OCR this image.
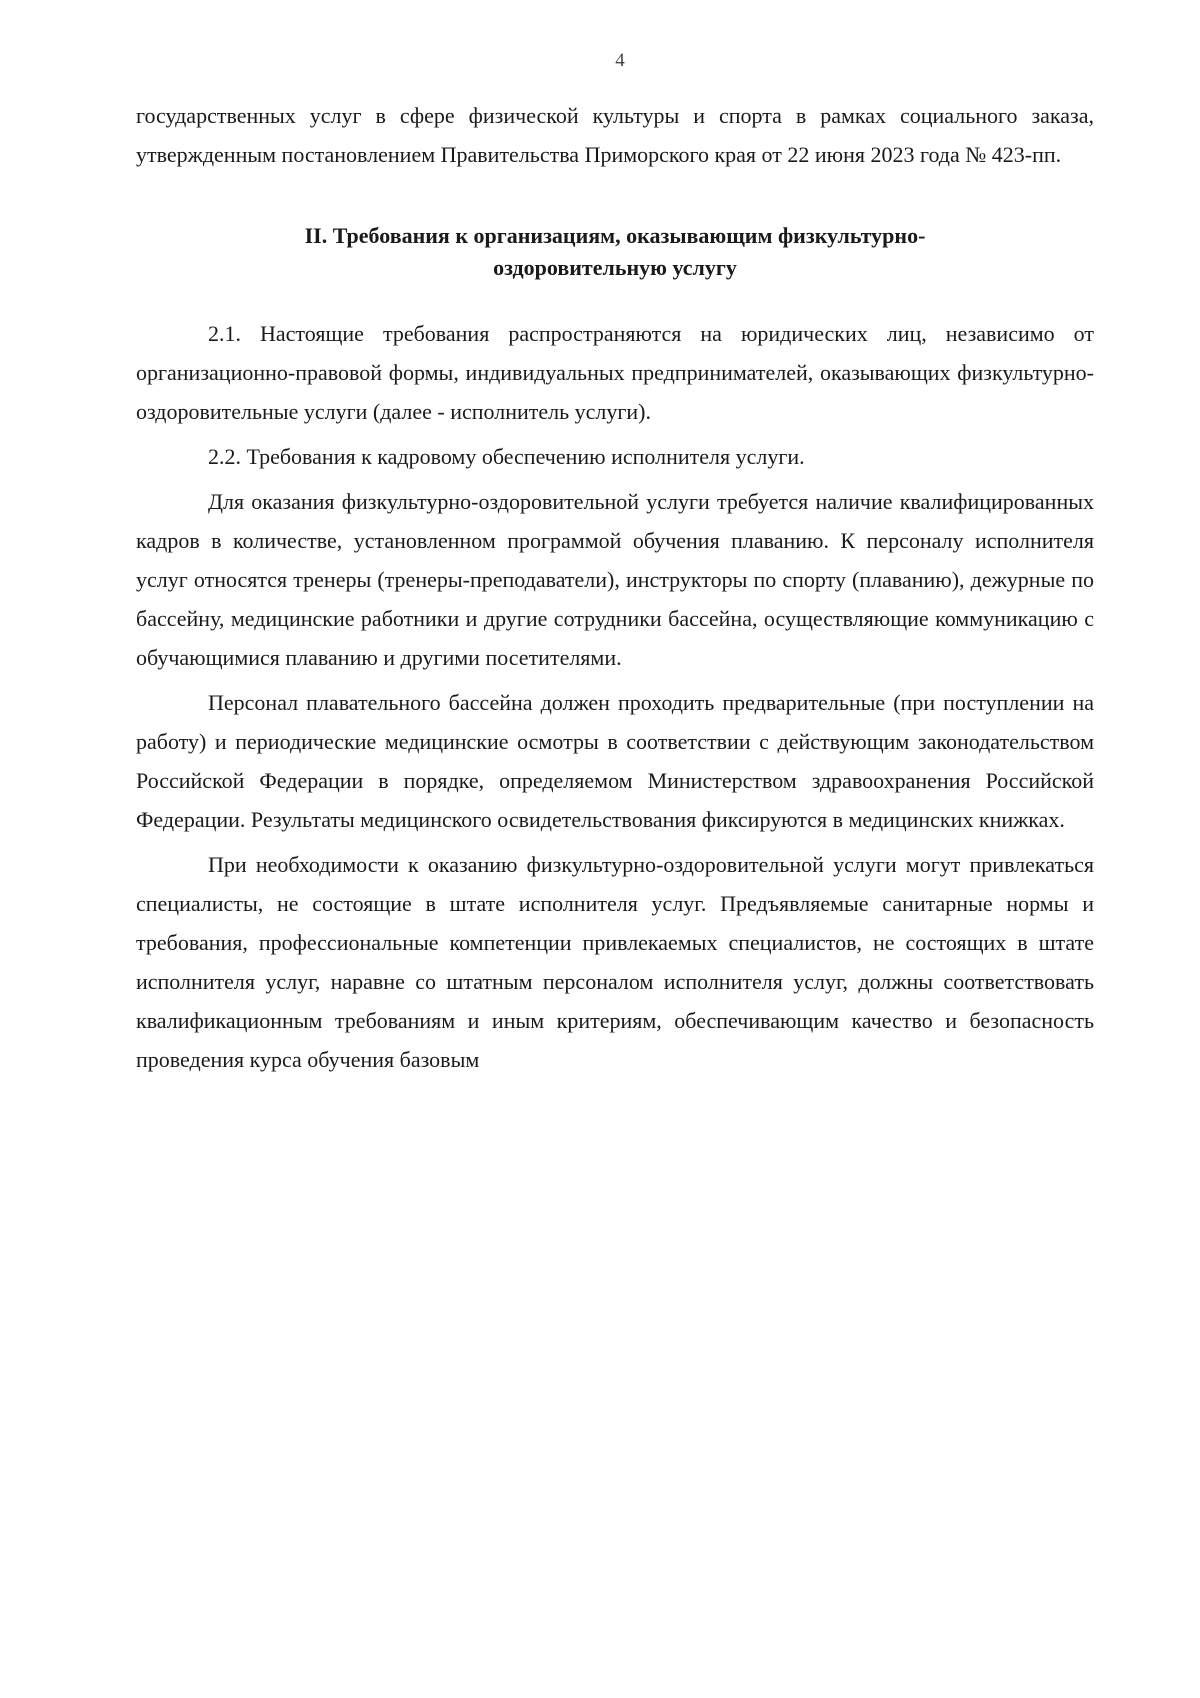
4

государственных услуг в сфере физической культуры и спорта в рамках социального заказа, утвержденным постановлением Правительства Приморского края от 22 июня 2023 года № 423-пп.

II. Требования к организациям, оказывающим физкультурно-
оздоровительную услугу

2.1. Настоящие требования распространяются на юридических лиц, независимо от организационно-правовой формы, индивидуальных предпринимателей, оказывающих физкультурно-оздоровительные услуги (далее - исполнитель услуги).

2.2. Требования к кадровому обеспечению исполнителя услуги.

Для оказания физкультурно-оздоровительной услуги требуется наличие квалифицированных кадров в количестве, установленном программой обучения плаванию. К персоналу исполнителя услуг относятся тренеры (тренеры-преподаватели), инструкторы по спорту (плаванию), дежурные по бассейну, медицинские работники и другие сотрудники бассейна, осуществляющие коммуникацию с обучающимися плаванию и другими посетителями.

Персонал плавательного бассейна должен проходить предварительные (при поступлении на работу) и периодические медицинские осмотры в соответствии с действующим законодательством Российской Федерации в порядке, определяемом Министерством здравоохранения Российской Федерации. Результаты медицинского освидетельствования фиксируются в медицинских книжках.

При необходимости к оказанию физкультурно-оздоровительной услуги могут привлекаться специалисты, не состоящие в штате исполнителя услуг. Предъявляемые санитарные нормы и требования, профессиональные компетенции привлекаемых специалистов, не состоящих в штате исполнителя услуг, наравне со штатным персоналом исполнителя услуг, должны соответствовать квалификационным требованиям и иным критериям, обеспечивающим качество и безопасность проведения курса обучения базовым
